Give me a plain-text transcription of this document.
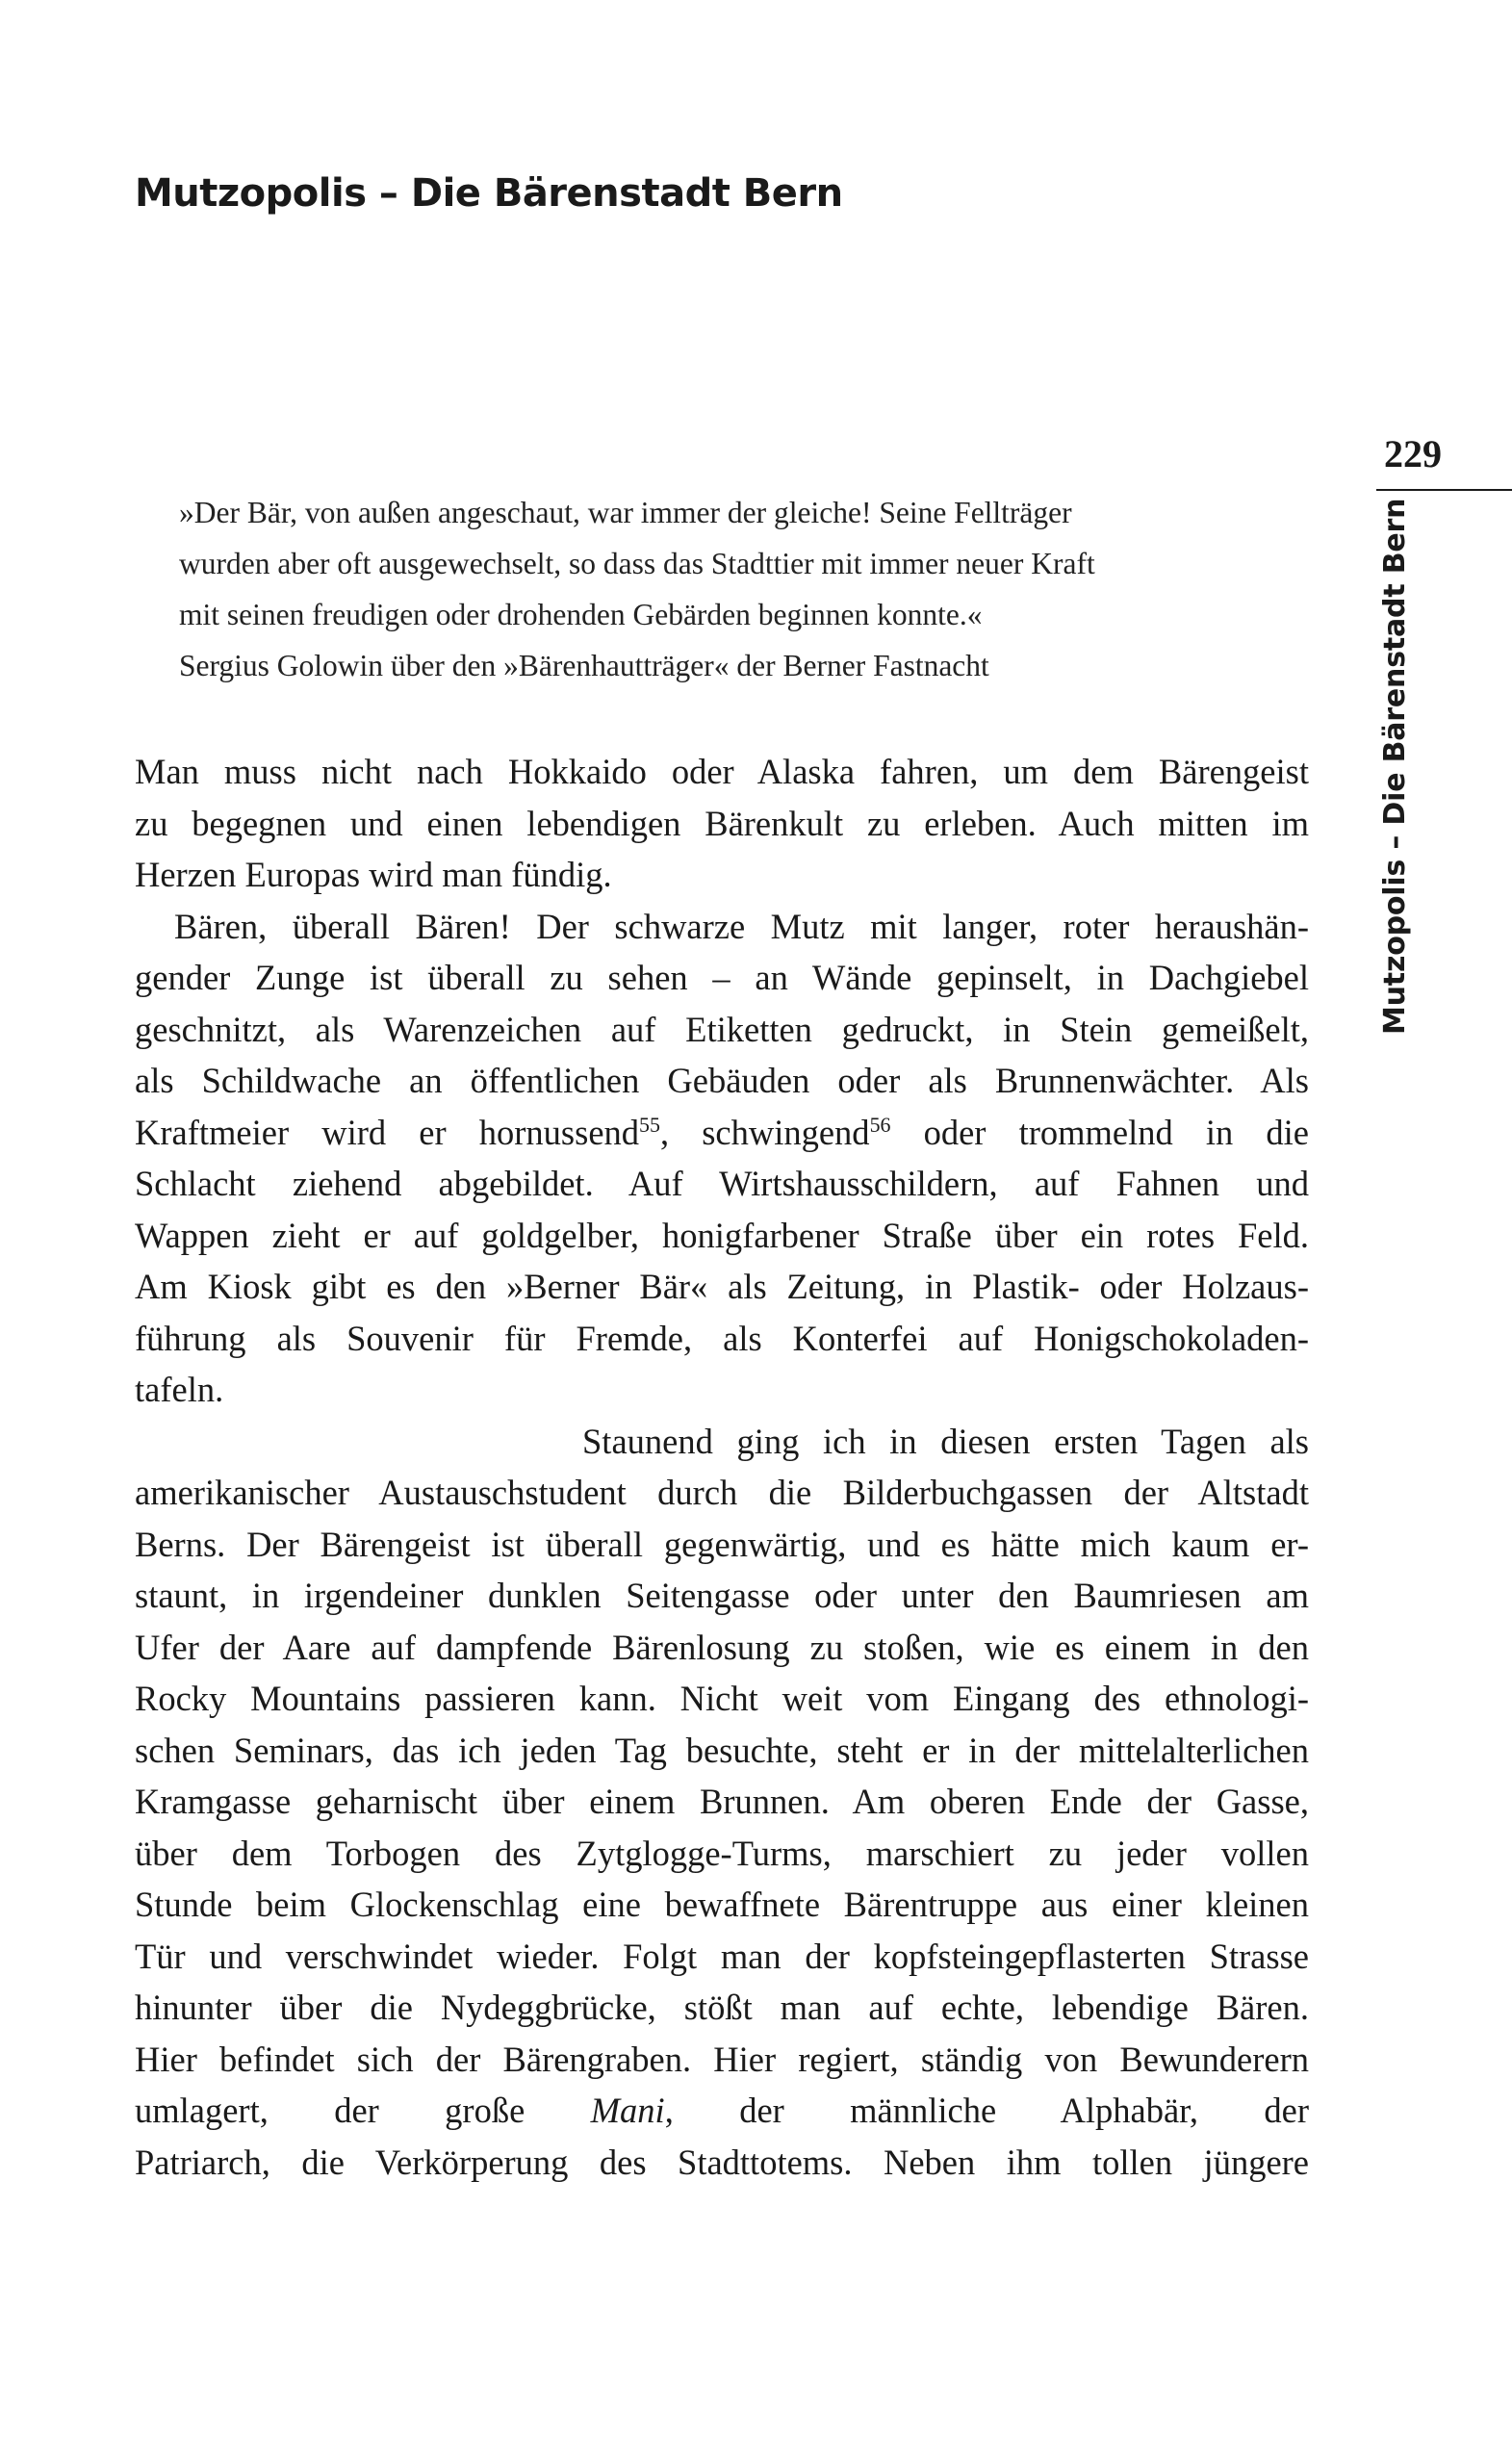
Mutzopolis – Die Bärenstadt Bern
229
Mutzopolis – Die Bärenstadt Bern
»Der Bär, von außen angeschaut, war immer der gleiche! Seine Fellträger
wurden aber oft ausgewechselt, so dass das Stadttier mit immer neuer Kraft
mit seinen freudigen oder drohenden Gebärden beginnen konnte.«
Sergius Golowin über den »Bärenhautträger« der Berner Fastnacht
Man muss nicht nach Hokkaido oder Alaska fahren, um dem Bärengeist
zu begegnen und einen lebendigen Bärenkult zu erleben. Auch mitten im
Herzen Europas wird man fündig.
Bären, überall Bären! Der schwarze Mutz mit langer, roter heraushän-
gender Zunge ist überall zu sehen – an Wände gepinselt, in Dachgiebel
geschnitzt, als Warenzeichen auf Etiketten gedruckt, in Stein gemeißelt,
als Schildwache an öffentlichen Gebäuden oder als Brunnenwächter. Als
Kraftmeier wird er hornussend$^{55}$, schwingend$^{56}$ oder trommelnd in die
Schlacht ziehend abgebildet. Auf Wirtshausschildern, auf Fahnen und
Wappen zieht er auf goldgelber, honigfarbener Straße über ein rotes Feld.
Am Kiosk gibt es den »Berner Bär« als Zeitung, in Plastik- oder Holzaus-
führung als Souvenir für Fremde, als Konterfei auf Honigschokoladen-
tafeln.
Staunend ging ich in diesen ersten Tagen als
amerikanischer Austauschstudent durch die Bilderbuchgassen der Altstadt
Berns. Der Bärengeist ist überall gegenwärtig, und es hätte mich kaum er-
staunt, in irgendeiner dunklen Seitengasse oder unter den Baumriesen am
Ufer der Aare auf dampfende Bärenlosung zu stoßen, wie es einem in den
Rocky Mountains passieren kann. Nicht weit vom Eingang des ethnologi-
schen Seminars, das ich jeden Tag besuchte, steht er in der mittelalterlichen
Kramgasse geharnischt über einem Brunnen. Am oberen Ende der Gasse,
über dem Torbogen des Zytglogge-Turms, marschiert zu jeder vollen
Stunde beim Glockenschlag eine bewaffnete Bärentruppe aus einer kleinen
Tür und verschwindet wieder. Folgt man der kopfsteingepflasterten Strasse
hinunter über die Nydeggbrücke, stößt man auf echte, lebendige Bären.
Hier befindet sich der Bärengraben. Hier regiert, ständig von Bewunderern
umlagert, der große Mani, der männliche Alphabär, der
Patriarch, die Verkörperung des Stadttotems. Neben ihm tollen jüngere
